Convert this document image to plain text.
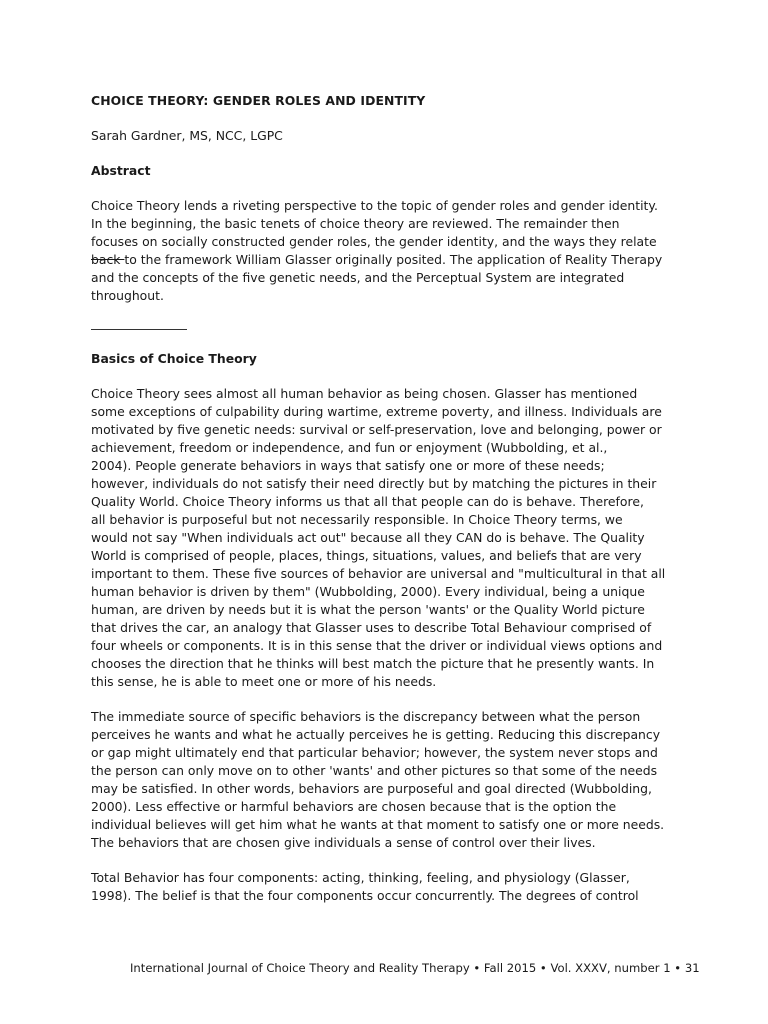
CHOICE THEORY: GENDER ROLES AND IDENTITY
Sarah Gardner, MS, NCC, LGPC
Abstract
Choice Theory lends a riveting perspective to the topic of gender roles and gender identity.
In the beginning, the basic tenets of choice theory are reviewed. The remainder then
focuses on socially constructed gender roles, the gender identity, and the ways they relate
back to the framework William Glasser originally posited. The application of Reality Therapy
and the concepts of the five genetic needs, and the Perceptual System are integrated
throughout.
Basics of Choice Theory
Choice Theory sees almost all human behavior as being chosen. Glasser has mentioned
some exceptions of culpability during wartime, extreme poverty, and illness. Individuals are
motivated by five genetic needs: survival or self-preservation, love and belonging, power or
achievement, freedom or independence, and fun or enjoyment (Wubbolding, et al.,
2004). People generate behaviors in ways that satisfy one or more of these needs;
however, individuals do not satisfy their need directly but by matching the pictures in their
Quality World. Choice Theory informs us that all that people can do is behave. Therefore,
all behavior is purposeful but not necessarily responsible. In Choice Theory terms, we
would not say "When individuals act out" because all they CAN do is behave. The Quality
World is comprised of people, places, things, situations, values, and beliefs that are very
important to them. These five sources of behavior are universal and "multicultural in that all
human behavior is driven by them" (Wubbolding, 2000). Every individual, being a unique
human, are driven by needs but it is what the person 'wants' or the Quality World picture
that drives the car, an analogy that Glasser uses to describe Total Behaviour comprised of
four wheels or components. It is in this sense that the driver or individual views options and
chooses the direction that he thinks will best match the picture that he presently wants. In
this sense, he is able to meet one or more of his needs.
The immediate source of specific behaviors is the discrepancy between what the person
perceives he wants and what he actually perceives he is getting. Reducing this discrepancy
or gap might ultimately end that particular behavior; however, the system never stops and
the person can only move on to other 'wants' and other pictures so that some of the needs
may be satisfied. In other words, behaviors are purposeful and goal directed (Wubbolding,
2000). Less effective or harmful behaviors are chosen because that is the option the
individual believes will get him what he wants at that moment to satisfy one or more needs.
The behaviors that are chosen give individuals a sense of control over their lives.
Total Behavior has four components: acting, thinking, feeling, and physiology (Glasser,
1998). The belief is that the four components occur concurrently. The degrees of control
International Journal of Choice Theory and Reality Therapy • Fall 2015 • Vol. XXXV, number 1 • 31
